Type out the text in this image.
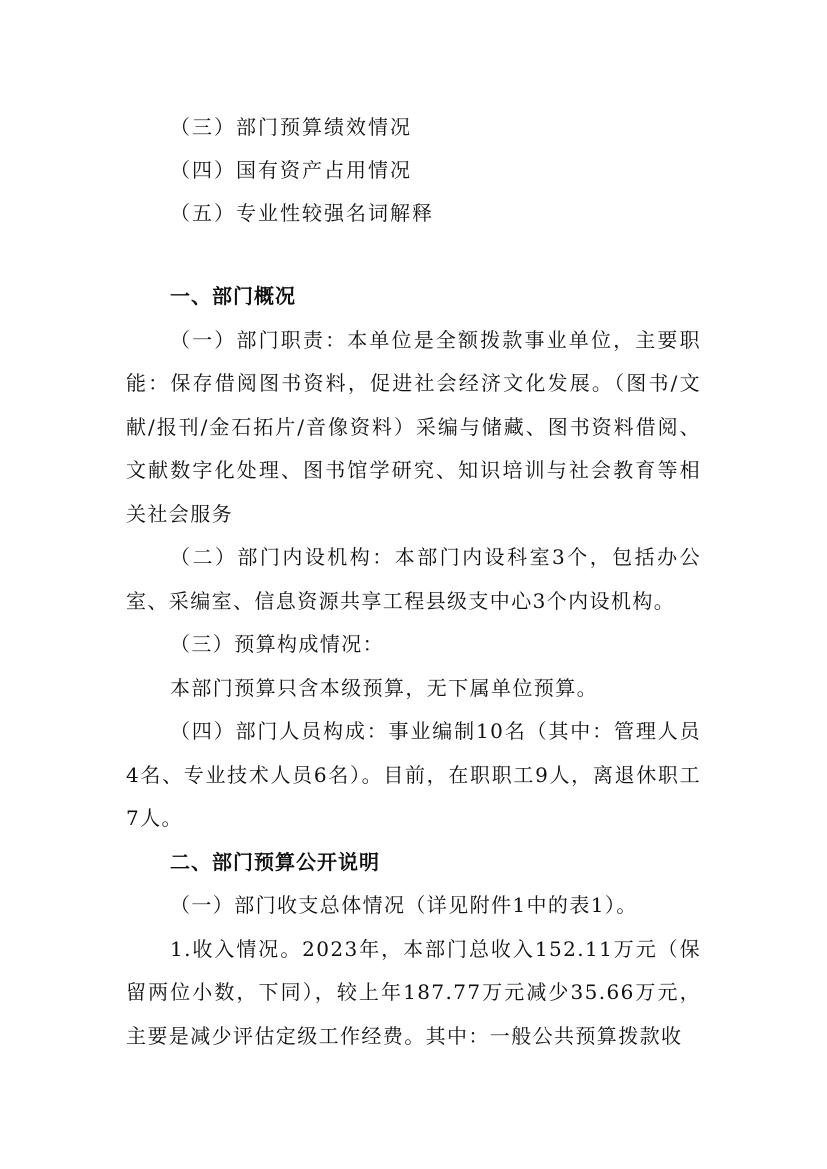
（三）部门预算绩效情况
（四）国有资产占用情况
（五）专业性较强名词解释

一、部门概况

（一）部门职责：本单位是全额拨款事业单位，主要职能：保存借阅图书资料，促进社会经济文化发展。（图书/文献/报刊/金石拓片/音像资料）采编与储藏、图书资料借阅、文献数字化处理、图书馆学研究、知识培训与社会教育等相关社会服务

（二）部门内设机构：本部门内设科室3个，包括办公室、采编室、信息资源共享工程县级支中心3个内设机构。

（三）预算构成情况：

本部门预算只含本级预算，无下属单位预算。

（四）部门人员构成：事业编制10名（其中：管理人员4名、专业技术人员6名）。目前，在职职工9人，离退休职工7人。

二、部门预算公开说明

（一）部门收支总体情况（详见附件1中的表1）。

1.收入情况。2023年，本部门总收入152.11万元（保留两位小数，下同），较上年187.77万元减少35.66万元，主要是减少评估定级工作经费。其中：一般公共预算拨款收
